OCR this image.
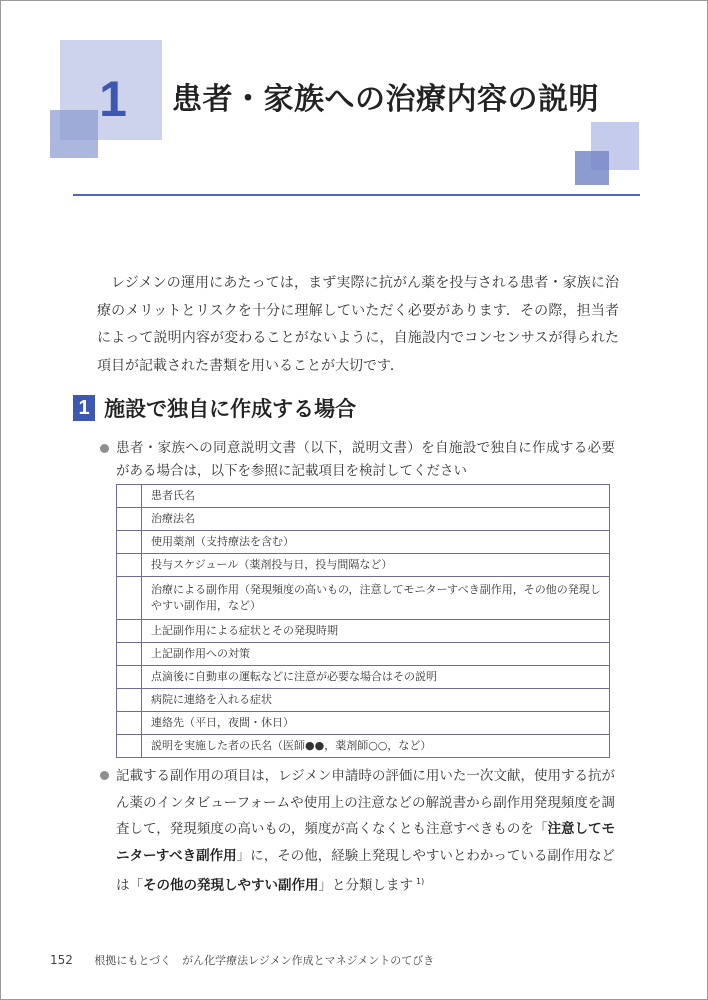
1 患者・家族への治療内容の説明

レジメンの運用にあたっては，まず実際に抗がん薬を投与される患者・家族に治療のメリットとリスクを十分に理解していただく必要があります．その際，担当者によって説明内容が変わることがないように，自施設内でコンセンサスが得られた項目が記載された書類を用いることが大切です．

1 施設で独自に作成する場合
患者・家族への同意説明文書（以下，説明文書）を自施設で独自に作成する必要がある場合は，以下を参照に記載項目を検討してください
	患者氏名
	治療法名
	使用薬剤（支持療法を含む）
	投与スケジュール（薬剤投与日，投与間隔など）
	治療による副作用（発現頻度の高いもの，注意してモニターすべき副作用，その他の発現しやすい副作用，など）
	上記副作用による症状とその発現時期
	上記副作用への対策
	点滴後に自動車の運転などに注意が必要な場合はその説明
	病院に連絡を入れる症状
	連絡先（平日，夜間・休日）
	説明を実施した者の氏名（医師●●，薬剤師○○，など）
記載する副作用の項目は，レジメン申請時の評価に用いた一次文献，使用する抗がん薬のインタビューフォームや使用上の注意などの解説書から副作用発現頻度を調査して，発現頻度の高いもの，頻度が高くなくとも注意すべきものを「注意してモニターすべき副作用」に，その他，経験上発現しやすいとわかっている副作用などは「その他の発現しやすい副作用」と分類します $^{1)}$
152 根拠にもとづく　がん化学療法レジメン作成とマネジメントのてびき
